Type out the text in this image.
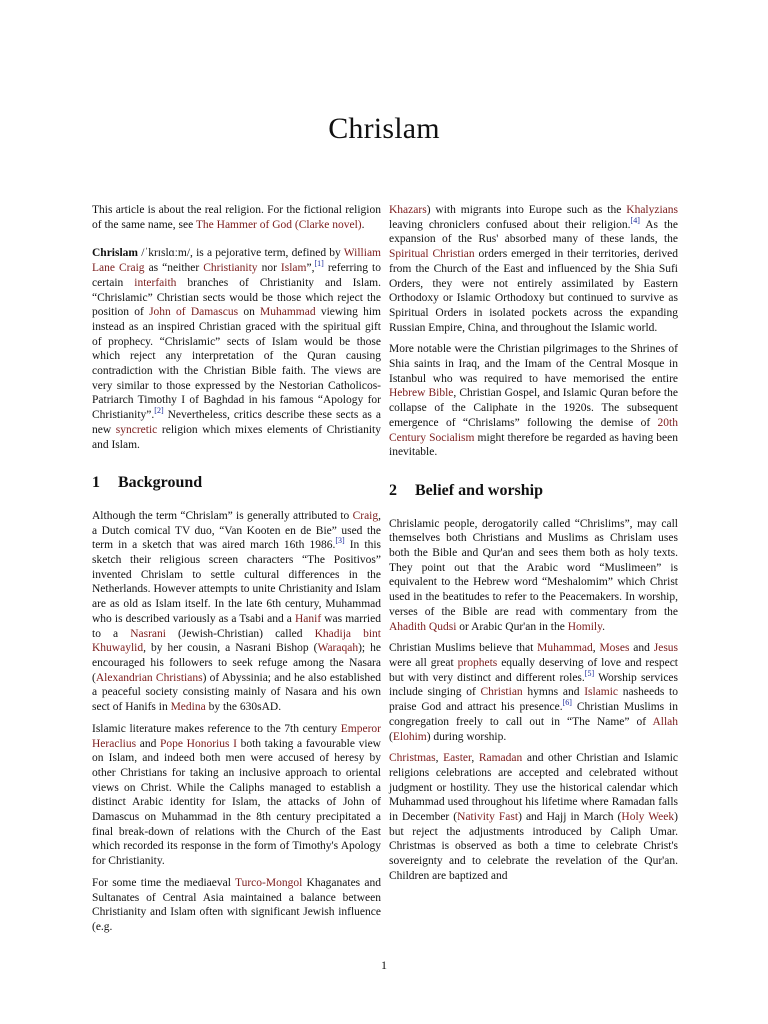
Chrislam

This article is about the real religion. For the fictional religion of the same name, see The Hammer of God (Clarke novel).

Chrislam /ˈkrɪslɑːm/, is a pejorative term, defined by William Lane Craig as “neither Christianity nor Islam”,[1] referring to certain interfaith branches of Christianity and Islam. “Chrislamic” Christian sects would be those which reject the position of John of Damascus on Muhammad viewing him instead as an inspired Christian graced with the spiritual gift of prophecy. “Chrislamic” sects of Islam would be those which reject any interpretation of the Quran causing contradiction with the Christian Bible faith. The views are very similar to those expressed by the Nestorian Catholicos-Patriarch Timothy I of Baghdad in his famous “Apology for Christianity”.[2] Nevertheless, critics describe these sects as a new syncretic religion which mixes elements of Christianity and Islam.

1 Background

Although the term “Chrislam” is generally attributed to Craig, a Dutch comical TV duo, “Van Kooten en de Bie” used the term in a sketch that was aired march 16th 1986.[3] In this sketch their religious screen characters “The Positivos” invented Chrislam to settle cultural differences in the Netherlands. However attempts to unite Christianity and Islam are as old as Islam itself. In the late 6th century, Muhammad who is described variously as a Tsabi and a Hanif was married to a Nasrani (Jewish-Christian) called Khadija bint Khuwaylid, by her cousin, a Nasrani Bishop (Waraqah); he encouraged his followers to seek refuge among the Nasara (Alexandrian Christians) of Abyssinia; and he also established a peaceful society consisting mainly of Nasara and his own sect of Hanifs in Medina by the 630sAD.

Islamic literature makes reference to the 7th century Emperor Heraclius and Pope Honorius I both taking a favourable view on Islam, and indeed both men were accused of heresy by other Christians for taking an inclusive approach to oriental views on Christ. While the Caliphs managed to establish a distinct Arabic identity for Islam, the attacks of John of Damascus on Muhammad in the 8th century precipitated a final break-down of relations with the Church of the East which recorded its response in the form of Timothy's Apology for Christianity.

For some time the mediaeval Turco-Mongol Khaganates and Sultanates of Central Asia maintained a balance between Christianity and Islam often with significant Jewish influence (e.g.

Khazars) with migrants into Europe such as the Khalyzians leaving chroniclers confused about their religion.[4] As the expansion of the Rus' absorbed many of these lands, the Spiritual Christian orders emerged in their territories, derived from the Church of the East and influenced by the Shia Sufi Orders, they were not entirely assimilated by Eastern Orthodoxy or Islamic Orthodoxy but continued to survive as Spiritual Orders in isolated pockets across the expanding Russian Empire, China, and throughout the Islamic world.

More notable were the Christian pilgrimages to the Shrines of Shia saints in Iraq, and the Imam of the Central Mosque in Istanbul who was required to have memorised the entire Hebrew Bible, Christian Gospel, and Islamic Quran before the collapse of the Caliphate in the 1920s. The subsequent emergence of “Chrislams” following the demise of 20th Century Socialism might therefore be regarded as having been inevitable.

2 Belief and worship

Chrislamic people, derogatorily called “Chrislims”, may call themselves both Christians and Muslims as Chrislam uses both the Bible and Qur'an and sees them both as holy texts. They point out that the Arabic word “Muslimeen” is equivalent to the Hebrew word “Meshalomim” which Christ used in the beatitudes to refer to the Peacemakers. In worship, verses of the Bible are read with commentary from the Ahadith Qudsi or Arabic Qur'an in the Homily.

Christian Muslims believe that Muhammad, Moses and Jesus were all great prophets equally deserving of love and respect but with very distinct and different roles.[5] Worship services include singing of Christian hymns and Islamic nasheeds to praise God and attract his presence.[6] Christian Muslims in congregation freely to call out in “The Name” of Allah (Elohim) during worship.

Christmas, Easter, Ramadan and other Christian and Islamic religions celebrations are accepted and celebrated without judgment or hostility. They use the historical calendar which Muhammad used throughout his lifetime where Ramadan falls in December (Nativity Fast) and Hajj in March (Holy Week) but reject the adjustments introduced by Caliph Umar. Christmas is observed as both a time to celebrate Christ's sovereignty and to celebrate the revelation of the Qur'an. Children are baptized and

1
